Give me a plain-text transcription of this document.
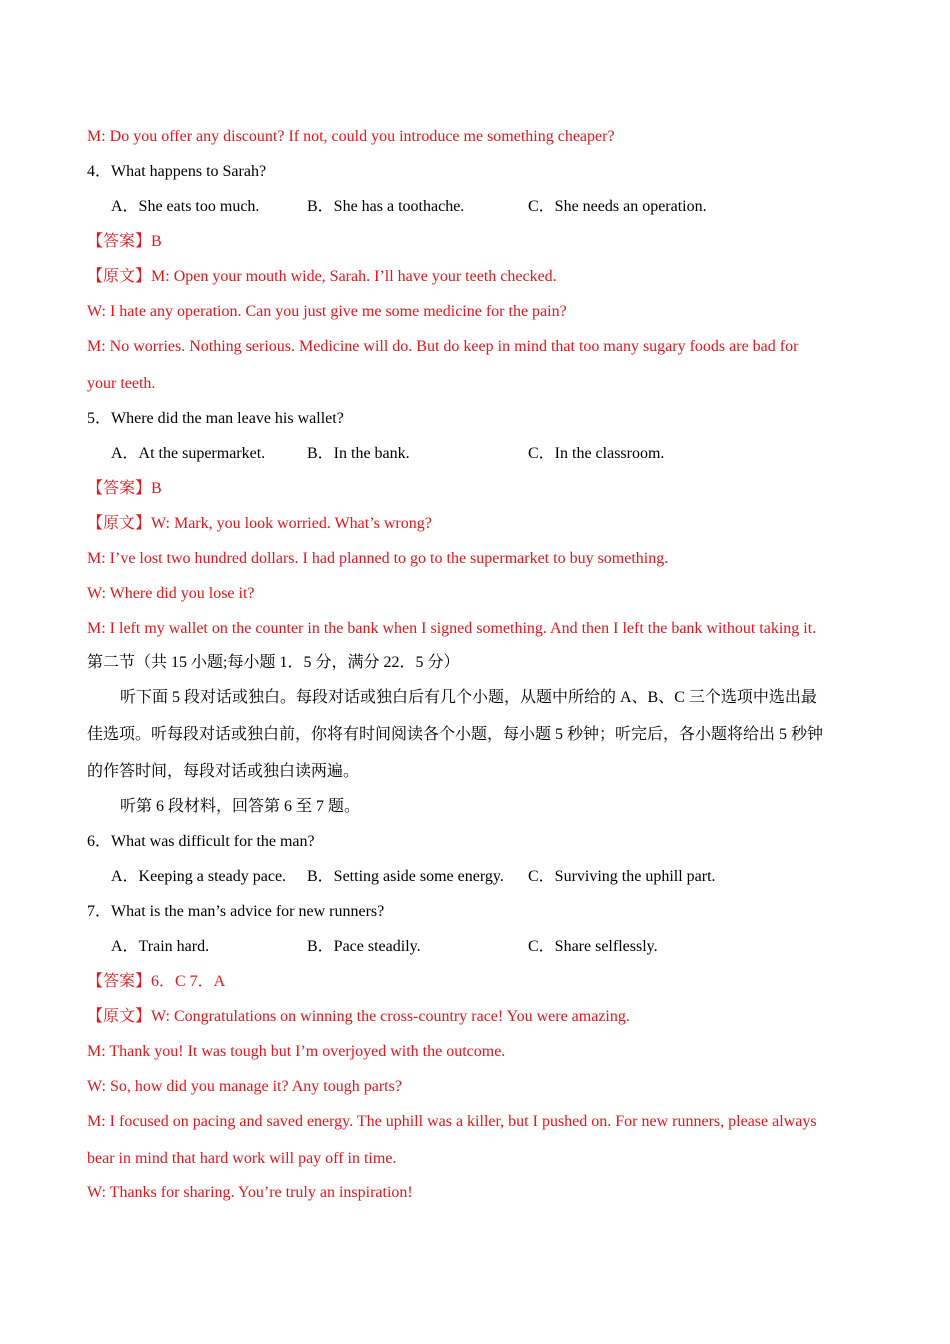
M: Do you offer any discount? If not, could you introduce me something cheaper?
4．What happens to Sarah?
A．She eats too much.	B．She has a toothache.	C．She needs an operation.
【答案】B
【原文】M: Open your mouth wide, Sarah. I’ll have your teeth checked.
W: I hate any operation. Can you just give me some medicine for the pain?
M: No worries. Nothing serious. Medicine will do. But do keep in mind that too many sugary foods are bad for
your teeth.
5．Where did the man leave his wallet?
A．At the supermarket.	B．In the bank.	C．In the classroom.
【答案】B
【原文】W: Mark, you look worried. What’s wrong?
M: I’ve lost two hundred dollars. I had planned to go to the supermarket to buy something.
W: Where did you lose it?
M: I left my wallet on the counter in the bank when I signed something. And then I left the bank without taking it.
第二节（共 15 小题;每小题 1．5 分，满分 22．5 分）
听下面 5 段对话或独白。每段对话或独白后有几个小题，从题中所给的 A、B、C 三个选项中选出最
佳选项。听每段对话或独白前，你将有时间阅读各个小题，每小题 5 秒钟；听完后，各小题将给出 5 秒钟
的作答时间，每段对话或独白读两遍。
听第 6 段材料，回答第 6 至 7 题。
6．What was difficult for the man?
A．Keeping a steady pace. B．Setting aside some energy. C．Surviving the uphill part.
7．What is the man’s advice for new runners?
A．Train hard.	B．Pace steadily.	C．Share selflessly.
【答案】6．C 7．A
【原文】W: Congratulations on winning the cross-country race! You were amazing.
M: Thank you! It was tough but I’m overjoyed with the outcome.
W: So, how did you manage it? Any tough parts?
M: I focused on pacing and saved energy. The uphill was a killer, but I pushed on. For new runners, please always
bear in mind that hard work will pay off in time.
W: Thanks for sharing. You’re truly an inspiration!
